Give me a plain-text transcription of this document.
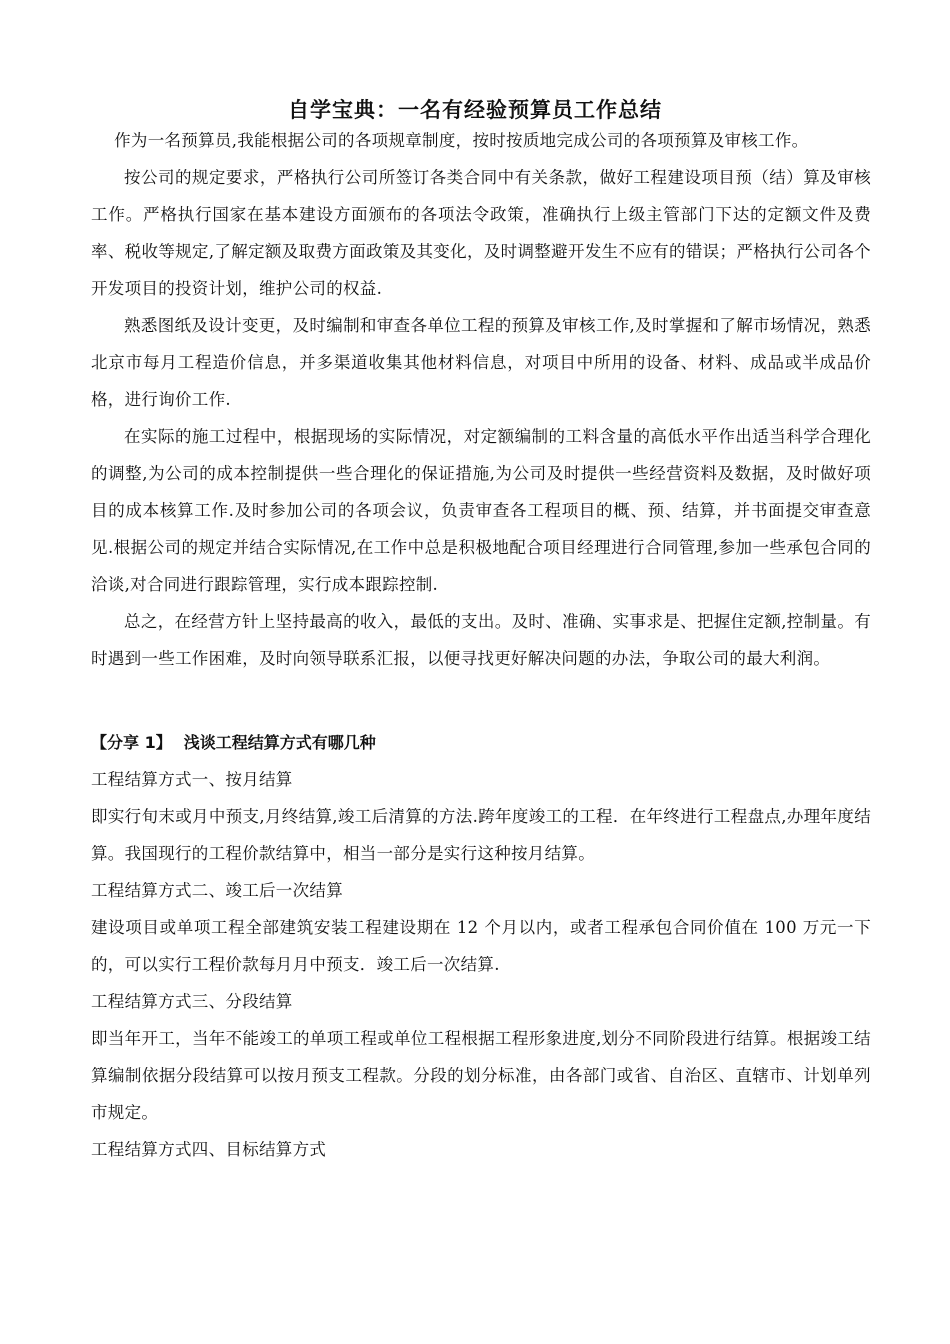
自学宝典：一名有经验预算员工作总结

作为一名预算员,我能根据公司的各项规章制度，按时按质地完成公司的各项预算及审核工作。

按公司的规定要求，严格执行公司所签订各类合同中有关条款，做好工程建设项目预（结）算及审核工作。严格执行国家在基本建设方面颁布的各项法令政策，准确执行上级主管部门下达的定额文件及费率、税收等规定,了解定额及取费方面政策及其变化，及时调整避开发生不应有的错误；严格执行公司各个开发项目的投资计划，维护公司的权益.

熟悉图纸及设计变更，及时编制和审查各单位工程的预算及审核工作,及时掌握和了解市场情况，熟悉北京市每月工程造价信息，并多渠道收集其他材料信息，对项目中所用的设备、材料、成品或半成品价格，进行询价工作.

在实际的施工过程中，根据现场的实际情况，对定额编制的工料含量的高低水平作出适当科学合理化的调整,为公司的成本控制提供一些合理化的保证措施,为公司及时提供一些经营资料及数据，及时做好项目的成本核算工作.及时参加公司的各项会议，负责审查各工程项目的概、预、结算，并书面提交审查意见.根据公司的规定并结合实际情况,在工作中总是积极地配合项目经理进行合同管理,参加一些承包合同的洽谈,对合同进行跟踪管理，实行成本跟踪控制.

总之，在经营方针上坚持最高的收入，最低的支出。及时、准确、实事求是、把握住定额,控制量。有时遇到一些工作困难，及时向领导联系汇报，以便寻找更好解决问题的办法，争取公司的最大利润。

【分享 1】 浅谈工程结算方式有哪几种

工程结算方式一、按月结算

即实行旬末或月中预支,月终结算,竣工后清算的方法.跨年度竣工的工程．在年终进行工程盘点,办理年度结算。我国现行的工程价款结算中，相当一部分是实行这种按月结算。

工程结算方式二、竣工后一次结算

建设项目或单项工程全部建筑安装工程建设期在 12 个月以内，或者工程承包合同价值在 100 万元一下的，可以实行工程价款每月月中预支．竣工后一次结算.

工程结算方式三、分段结算

即当年开工，当年不能竣工的单项工程或单位工程根据工程形象进度,划分不同阶段进行结算。根据竣工结算编制依据分段结算可以按月预支工程款。分段的划分标准，由各部门或省、自治区、直辖市、计划单列市规定。

工程结算方式四、目标结算方式
